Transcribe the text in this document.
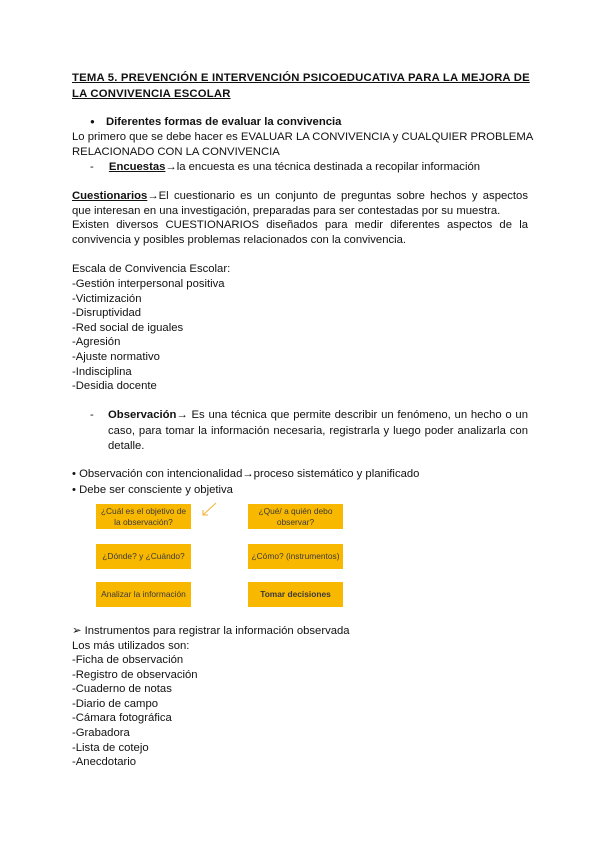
TEMA 5. PREVENCIÓN E INTERVENCIÓN PSICOEDUCATIVA PARA LA MEJORA DE
LA CONVIVENCIA ESCOLAR
● Diferentes formas de evaluar la convivencia
Lo primero que se debe hacer es EVALUAR LA CONVIVENCIA y CUALQUIER PROBLEMA
RELACIONADO CON LA CONVIVENCIA
- Encuestas→la encuesta es una técnica destinada a recopilar información
Cuestionarios→El cuestionario es un conjunto de preguntas sobre hechos y aspectos que interesan en una investigación, preparadas para ser contestadas por su muestra.
Existen diversos CUESTIONARIOS diseñados para medir diferentes aspectos de la convivencia y posibles problemas relacionados con la convivencia.
Escala de Convivencia Escolar:
-Gestión interpersonal positiva
-Victimización
-Disruptividad
-Red social de iguales
-Agresión
-Ajuste normativo
-Indisciplina
-Desidia docente
- Observación→ Es una técnica que permite describir un fenómeno, un hecho o un caso, para tomar la información necesaria, registrarla y luego poder analizarla con detalle.
• Observación con intencionalidad→proceso sistemático y planificado
• Debe ser consciente y objetiva
¿Cuál es el objetivo de
la observación?
¿Qué/ a quién debo
observar?
¿Dónde? y ¿Cuándo?	¿Cómo? (instrumentos)
Analizar la información	Tomar decisiones
➢ Instrumentos para registrar la información observada
Los más utilizados son:
-Ficha de observación
-Registro de observación
-Cuaderno de notas
-Diario de campo
-Cámara fotográfica
-Grabadora
-Lista de cotejo
-Anecdotario
